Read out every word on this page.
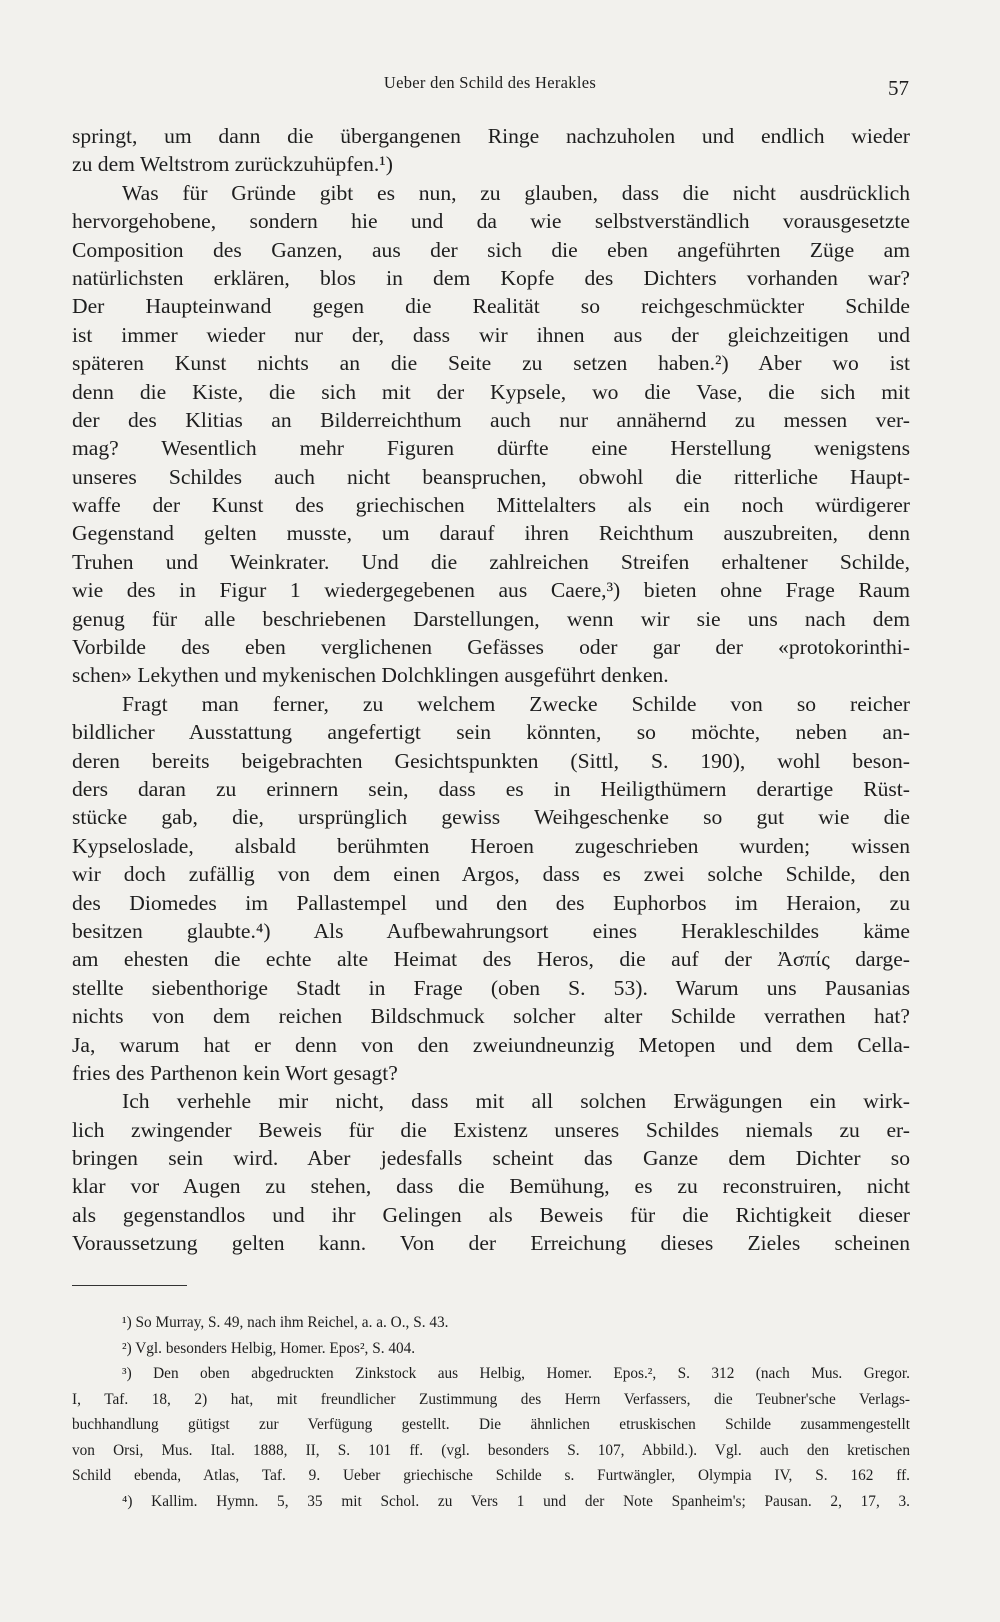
Ueber den Schild des Herakles	57
springt, um dann die übergangenen Ringe nachzuholen und endlich wieder
zu dem Weltstrom zurückzuhüpfen.¹)
Was für Gründe gibt es nun, zu glauben, dass die nicht ausdrücklich
hervorgehobene, sondern hie und da wie selbstverständlich vorausgesetzte
Composition des Ganzen, aus der sich die eben angeführten Züge am
natürlichsten erklären, blos in dem Kopfe des Dichters vorhanden war?
Der Haupteinwand gegen die Realität so reichgeschmückter Schilde
ist immer wieder nur der, dass wir ihnen aus der gleichzeitigen und
späteren Kunst nichts an die Seite zu setzen haben.²) Aber wo ist
denn die Kiste, die sich mit der Kypsele, wo die Vase, die sich mit
der des Klitias an Bilderreichthum auch nur annähernd zu messen ver-
mag? Wesentlich mehr Figuren dürfte eine Herstellung wenigstens
unseres Schildes auch nicht beanspruchen, obwohl die ritterliche Haupt-
waffe der Kunst des griechischen Mittelalters als ein noch würdigerer
Gegenstand gelten musste, um darauf ihren Reichthum auszubreiten, denn
Truhen und Weinkrater. Und die zahlreichen Streifen erhaltener Schilde,
wie des in Figur 1 wiedergegebenen aus Caere,³) bieten ohne Frage Raum
genug für alle beschriebenen Darstellungen, wenn wir sie uns nach dem
Vorbilde des eben verglichenen Gefässes oder gar der «protokorinthi-
schen» Lekythen und mykenischen Dolchklingen ausgeführt denken.
Fragt man ferner, zu welchem Zwecke Schilde von so reicher
bildlicher Ausstattung angefertigt sein könnten, so möchte, neben an-
deren bereits beigebrachten Gesichtspunkten (Sittl, S. 190), wohl beson-
ders daran zu erinnern sein, dass es in Heiligthümern derartige Rüst-
stücke gab, die, ursprünglich gewiss Weihgeschenke so gut wie die
Kypseloslade, alsbald berühmten Heroen zugeschrieben wurden; wissen
wir doch zufällig von dem einen Argos, dass es zwei solche Schilde, den
des Diomedes im Pallastempel und den des Euphorbos im Heraion, zu
besitzen glaubte.⁴) Als Aufbewahrungsort eines Herakleschildes käme
am ehesten die echte alte Heimat des Heros, die auf der Ἀσπίς darge-
stellte siebenthorige Stadt in Frage (oben S. 53). Warum uns Pausanias
nichts von dem reichen Bildschmuck solcher alter Schilde verrathen hat?
Ja, warum hat er denn von den zweiundneunzig Metopen und dem Cella-
fries des Parthenon kein Wort gesagt?
Ich verhehle mir nicht, dass mit all solchen Erwägungen ein wirk-
lich zwingender Beweis für die Existenz unseres Schildes niemals zu er-
bringen sein wird. Aber jedesfalls scheint das Ganze dem Dichter so
klar vor Augen zu stehen, dass die Bemühung, es zu reconstruiren, nicht
als gegenstandlos und ihr Gelingen als Beweis für die Richtigkeit dieser
Voraussetzung gelten kann. Von der Erreichung dieses Zieles scheinen
¹) So Murray, S. 49, nach ihm Reichel, a. a. O., S. 43.
²) Vgl. besonders Helbig, Homer. Epos², S. 404.
³) Den oben abgedruckten Zinkstock aus Helbig, Homer. Epos.², S. 312 (nach Mus. Gregor.
I, Taf. 18, 2) hat, mit freundlicher Zustimmung des Herrn Verfassers, die Teubner'sche Verlags-
buchhandlung gütigst zur Verfügung gestellt. Die ähnlichen etruskischen Schilde zusammengestellt
von Orsi, Mus. Ital. 1888, II, S. 101 ff. (vgl. besonders S. 107, Abbild.). Vgl. auch den kretischen
Schild ebenda, Atlas, Taf. 9. Ueber griechische Schilde s. Furtwängler, Olympia IV, S. 162 ff.
⁴) Kallim. Hymn. 5, 35 mit Schol. zu Vers 1 und der Note Spanheim's; Pausan. 2, 17, 3.
